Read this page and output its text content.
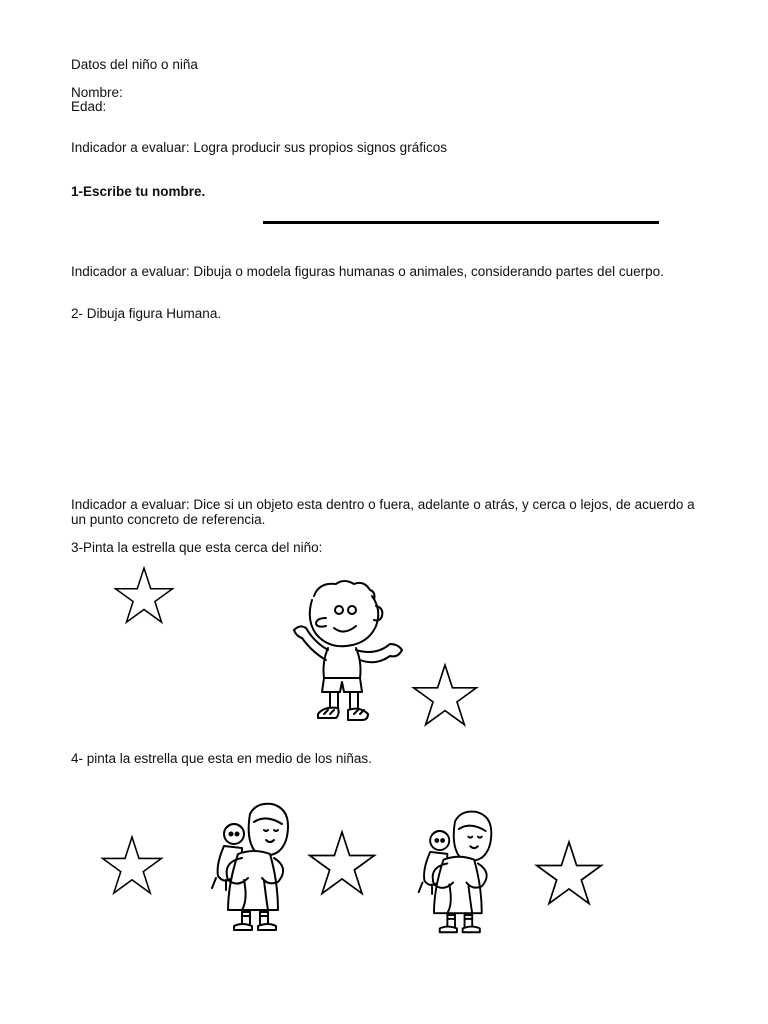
Datos del niño o niña

Nombre:

Edad:

Indicador a evaluar: Logra producir sus propios signos gráficos

1-Escribe tu nombre.

Indicador a evaluar: Dibuja o modela figuras humanas o animales, considerando partes del cuerpo.

2- Dibuja figura Humana.

Indicador a evaluar: Dice si un objeto esta dentro o fuera, adelante o atrás, y cerca o lejos, de acuerdo a un punto concreto de referencia.

3-Pinta la estrella que esta cerca del niño:

4- pinta la estrella que esta en medio de los niñas.
